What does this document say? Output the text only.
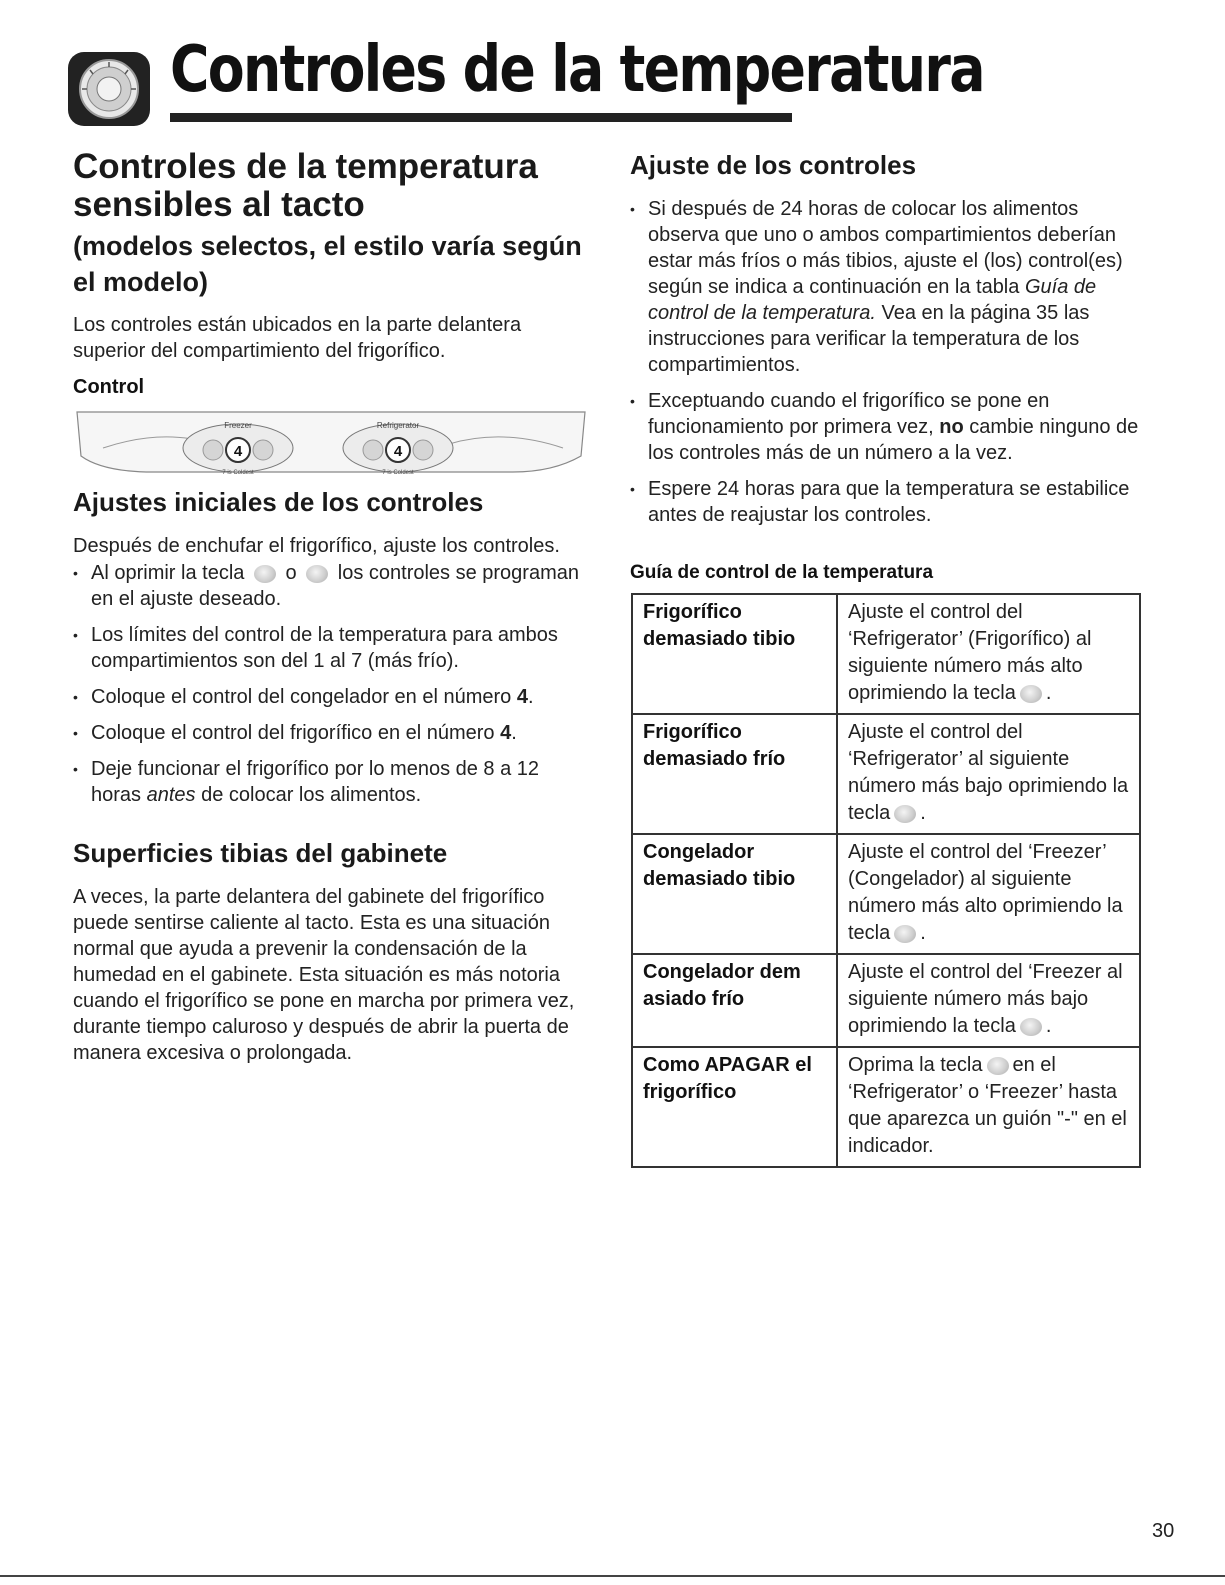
Controles de la temperatura
Controles de la temperatura sensibles al tacto
(modelos selectos, el estilo varía según el modelo)
Los controles están ubicados en la parte delantera superior del compartimiento del frigorífico.
Control
Freezer
4
7 is Coldest
Refrigerator
4
7 is Coldest
Ajustes iniciales de los controles
Después de enchufar el frigorífico, ajuste los controles.
• Al oprimir la tecla o los controles se programan en el ajuste deseado.
• Los límites del control de la temperatura para ambos compartimientos son del 1 al 7 (más frío).
• Coloque el control del congelador en el número 4.
• Coloque el control del frigorífico en el número 4.
• Deje funcionar el frigorífico por lo menos de 8 a 12 horas antes de colocar los alimentos.
Superficies tibias del gabinete
A veces, la parte delantera del gabinete del frigorífico puede sentirse caliente al tacto. Esta es una situación normal que ayuda a prevenir la condensación de la humedad en el gabinete. Esta situación es más notoria cuando el frigorífico se pone en marcha por primera vez, durante tiempo caluroso y después de abrir la puerta de manera excesiva o prolongada.
Ajuste de los controles
• Si después de 24 horas de colocar los alimentos observa que uno o ambos compartimientos deberían estar más fríos o más tibios, ajuste el (los) control(es) según se indica a continuación en la tabla Guía de control de la temperatura. Vea en la página 35 las instrucciones para verificar la temperatura de los compartimientos.
• Exceptuando cuando el frigorífico se pone en funcionamiento por primera vez, no cambie ninguno de los controles más de un número a la vez.
• Espere 24 horas para que la temperatura se estabilice antes de reajustar los controles.
Guía de control de la temperatura
Frigorífico demasiado tibio	Ajuste el control del ‘Refrigerator’ (Frigorífico) al siguiente número más alto oprimiendo la tecla .
Frigorífico demasiado frío	Ajuste el control del ‘Refrigerator’ al siguiente número más bajo oprimiendo la tecla .
Congelador demasiado tibio	Ajuste el control del ‘Freezer’ (Congelador) al siguiente número más alto oprimiendo la tecla .
Congelador dem asiado frío	Ajuste el control del ‘Freezer al siguiente número más bajo oprimiendo la tecla .
Como APAGAR el frigorífico	Oprima la tecla en el ‘Refrigerator’ o ‘Freezer’ hasta que aparezca un guión "-" en el indicador.
30
